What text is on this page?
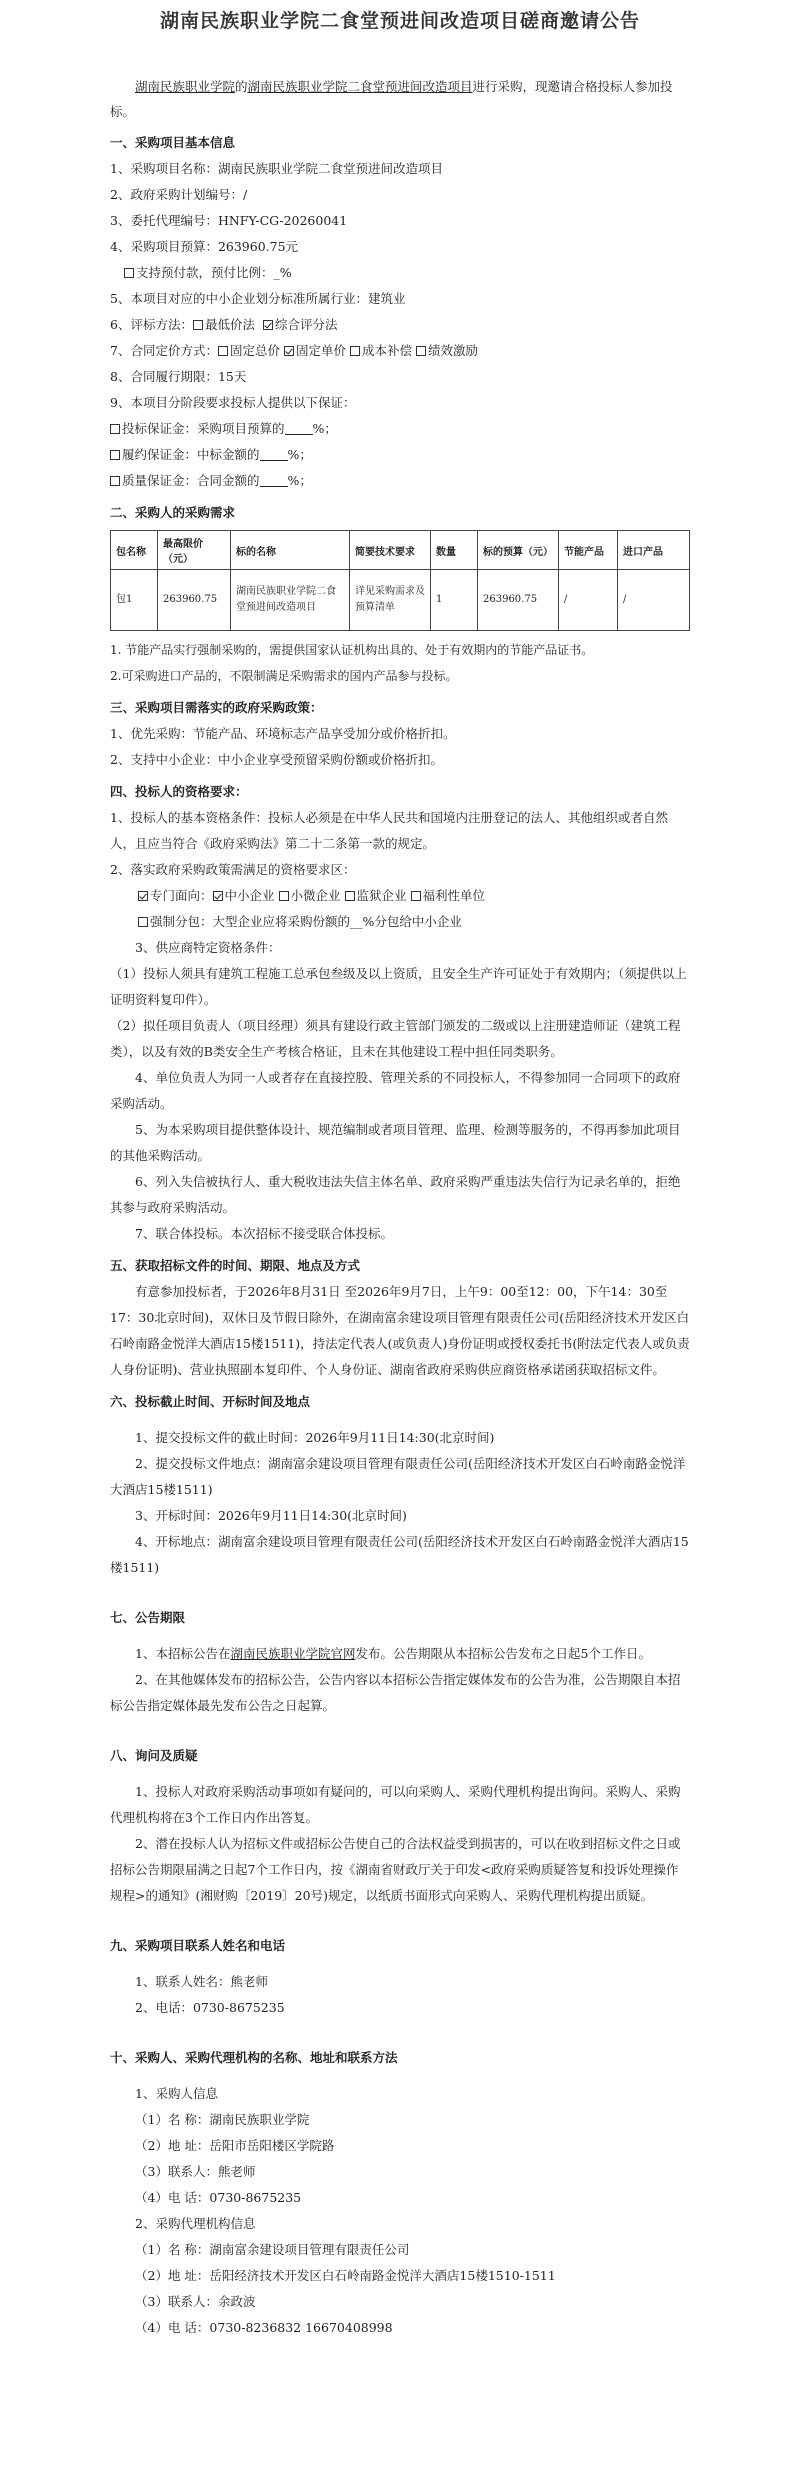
湖南民族职业学院二食堂预进间改造项目磋商邀请公告
湖南民族职业学院的湖南民族职业学院二食堂预进间改造项目进行采购，现邀请合格投标人参加投标。
一、采购项目基本信息
1、采购项目名称：湖南民族职业学院二食堂预进间改造项目
2、政府采购计划编号：/
3、委托代理编号：HNFY-CG-20260041
4、采购项目预算：263960.75元
支持预付款，预付比例：_%
5、本项目对应的中小企业划分标准所属行业：建筑业
6、评标方法： 最低价法 综合评分法
7、合同定价方式： 固定总价 固定单价 成本补偿 绩效激励
8、合同履行期限：15天
9、本项目分阶段要求投标人提供以下保证：
投标保证金：采购项目预算的 %；
履约保证金：中标金额的 %；
质量保证金：合同金额的 %；
二、采购人的采购需求
包名称	最高限价（元）	标的名称	简要技术要求	数量	标的预算（元）	节能产品	进口产品
包1	263960.75	湖南民族职业学院二食堂预进间改造项目	详见采购需求及预算清单	1	263960.75	/	/
1. 节能产品实行强制采购的，需提供国家认证机构出具的、处于有效期内的节能产品证书。
2.可采购进口产品的，不限制满足采购需求的国内产品参与投标。
三、采购项目需落实的政府采购政策：
1、优先采购：节能产品、环境标志产品享受加分或价格折扣。
2、支持中小企业：中小企业享受预留采购份额或价格折扣。
四、投标人的资格要求：
1、投标人的基本资格条件：投标人必须是在中华人民共和国境内注册登记的法人、其他组织或者自然人，且应当符合《政府采购法》第二十二条第一款的规定。
2、落实政府采购政策需满足的资格要求区：
专门面向： 中小企业 小微企业 监狱企业 福利性单位
强制分包：大型企业应将采购份额的__%分包给中小企业
3、供应商特定资格条件：
（1）投标人须具有建筑工程施工总承包叁级及以上资质，且安全生产许可证处于有效期内；（须提供以上证明资料复印件）。
（2）拟任项目负责人（项目经理）须具有建设行政主管部门颁发的二级或以上注册建造师证（建筑工程类），以及有效的B类安全生产考核合格证，且未在其他建设工程中担任同类职务。
4、单位负责人为同一人或者存在直接控股、管理关系的不同投标人，不得参加同一合同项下的政府采购活动。
5、为本采购项目提供整体设计、规范编制或者项目管理、监理、检测等服务的，不得再参加此项目的其他采购活动。
6、列入失信被执行人、重大税收违法失信主体名单、政府采购严重违法失信行为记录名单的，拒绝其参与政府采购活动。
7、联合体投标。本次招标不接受联合体投标。
五、获取招标文件的时间、期限、地点及方式
有意参加投标者，于2026年8月31日 至2026年9月7日，上午9：00至12：00，下午14：30至17：30北京时间)，双休日及节假日除外，在湖南富余建设项目管理有限责任公司(岳阳经济技术开发区白石岭南路金悦洋大酒店15楼1511)，持法定代表人(或负责人)身份证明或授权委托书(附法定代表人或负责人身份证明)、营业执照副本复印件、个人身份证、湖南省政府采购供应商资格承诺函获取招标文件。
六、投标截止时间、开标时间及地点
1、提交投标文件的截止时间：2026年9月11日14:30(北京时间)
2、提交投标文件地点：湖南富余建设项目管理有限责任公司(岳阳经济技术开发区白石岭南路金悦洋大酒店15楼1511)
3、开标时间：2026年9月11日14:30(北京时间)
4、开标地点：湖南富余建设项目管理有限责任公司(岳阳经济技术开发区白石岭南路金悦洋大酒店15楼1511)
七、公告期限
1、本招标公告在湖南民族职业学院官网发布。公告期限从本招标公告发布之日起5个工作日。
2、在其他媒体发布的招标公告，公告内容以本招标公告指定媒体发布的公告为准，公告期限自本招标公告指定媒体最先发布公告之日起算。
八、询问及质疑
1、投标人对政府采购活动事项如有疑问的，可以向采购人、采购代理机构提出询问。采购人、采购代理机构将在3个工作日内作出答复。
2、潜在投标人认为招标文件或招标公告使自己的合法权益受到损害的，可以在收到招标文件之日或招标公告期限届满之日起7个工作日内，按《湖南省财政厅关于印发<政府采购质疑答复和投诉处理操作规程>的通知》(湘财购〔2019〕20号)规定，以纸质书面形式向采购人、采购代理机构提出质疑。
九、采购项目联系人姓名和电话
1、联系人姓名：熊老师
2、电话：0730-8675235
十、采购人、采购代理机构的名称、地址和联系方法
1、采购人信息
（1）名 称：湖南民族职业学院
（2）地 址：岳阳市岳阳楼区学院路
（3）联系人：熊老师
（4）电 话：0730-8675235
2、采购代理机构信息
（1）名 称：湖南富余建设项目管理有限责任公司
（2）地 址：岳阳经济技术开发区白石岭南路金悦洋大酒店15楼1510-1511
（3）联系人：余政波
（4）电 话：0730-8236832 16670408998
